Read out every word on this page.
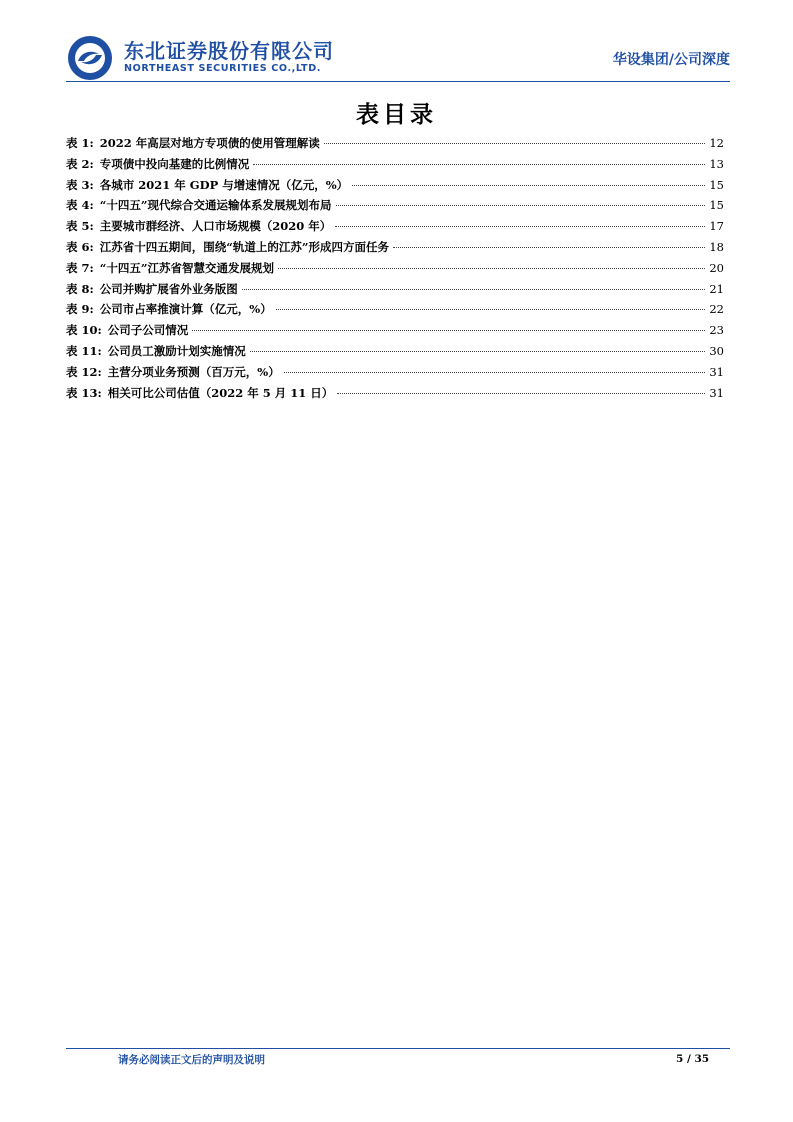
东北证券股份有限公司
NORTHEAST SECURITIES CO.,LTD.
华设集团/公司深度
表目录
表 1: 2022 年高层对地方专项债的使用管理解读	12
表 2: 专项债中投向基建的比例情况	13
表 3: 各城市 2021 年 GDP 与增速情况（亿元，%）	15
表 4: “十四五”现代综合交通运输体系发展规划布局	15
表 5: 主要城市群经济、人口市场规模（2020 年）	17
表 6: 江苏省十四五期间，围绕“轨道上的江苏”形成四方面任务	18
表 7: “十四五”江苏省智慧交通发展规划	20
表 8: 公司并购扩展省外业务版图	21
表 9: 公司市占率推演计算（亿元，%）	22
表 10: 公司子公司情况	23
表 11: 公司员工激励计划实施情况	30
表 12: 主营分项业务预测（百万元，%）	31
表 13: 相关可比公司估值（2022 年 5 月 11 日）	31
请务必阅读正文后的声明及说明	5 / 35
